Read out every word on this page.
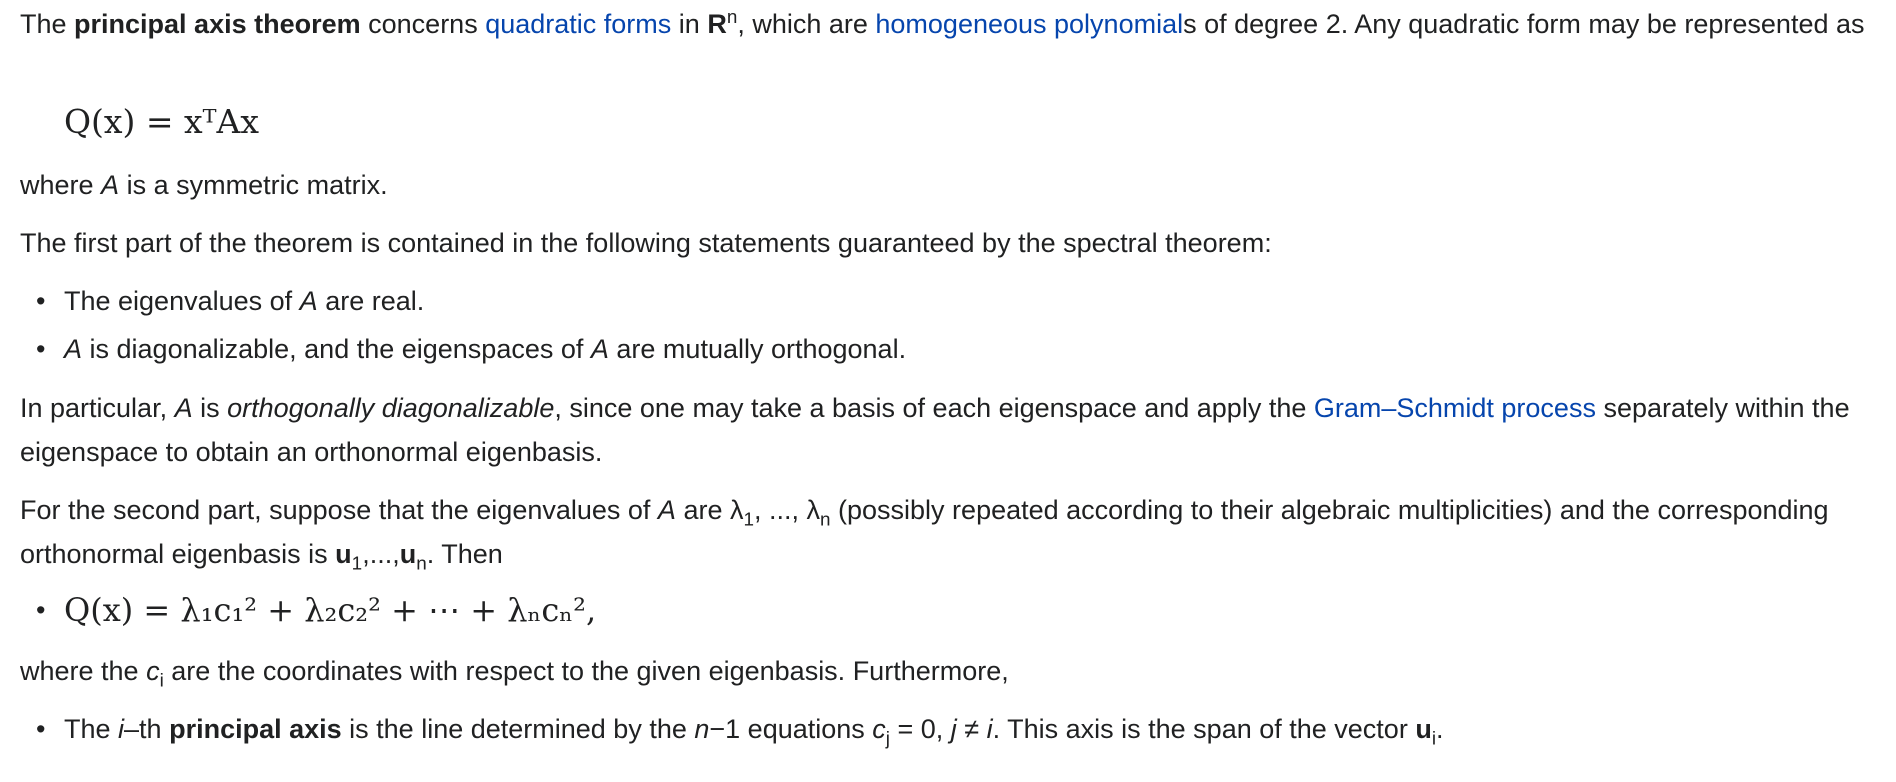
The principal axis theorem concerns quadratic forms in $R^n$, which are homogeneous polynomials of degree 2. Any quadratic form may be represented as

Q(x) = xᵀAx

where A is a symmetric matrix.

The first part of the theorem is contained in the following statements guaranteed by the spectral theorem:

• The eigenvalues of A are real.
• A is diagonalizable, and the eigenspaces of A are mutually orthogonal.

In particular, A is orthogonally diagonalizable, since one may take a basis of each eigenspace and apply the Gram–Schmidt process separately within the eigenspace to obtain an orthonormal eigenbasis.

For the second part, suppose that the eigenvalues of A are $\lambda_1$, ..., $\lambda_n$ (possibly repeated according to their algebraic multiplicities) and the corresponding orthonormal eigenbasis is $u_1,...,u_n$. Then

• Q(x) = λ₁c₁² + λ₂c₂² + ⋯ + λₙcₙ²,

where the $c_i$ are the coordinates with respect to the given eigenbasis. Furthermore,

• The i–th principal axis is the line determined by the n−1 equations $c_j = 0$, j ≠ i. This axis is the span of the vector $u_i$.
